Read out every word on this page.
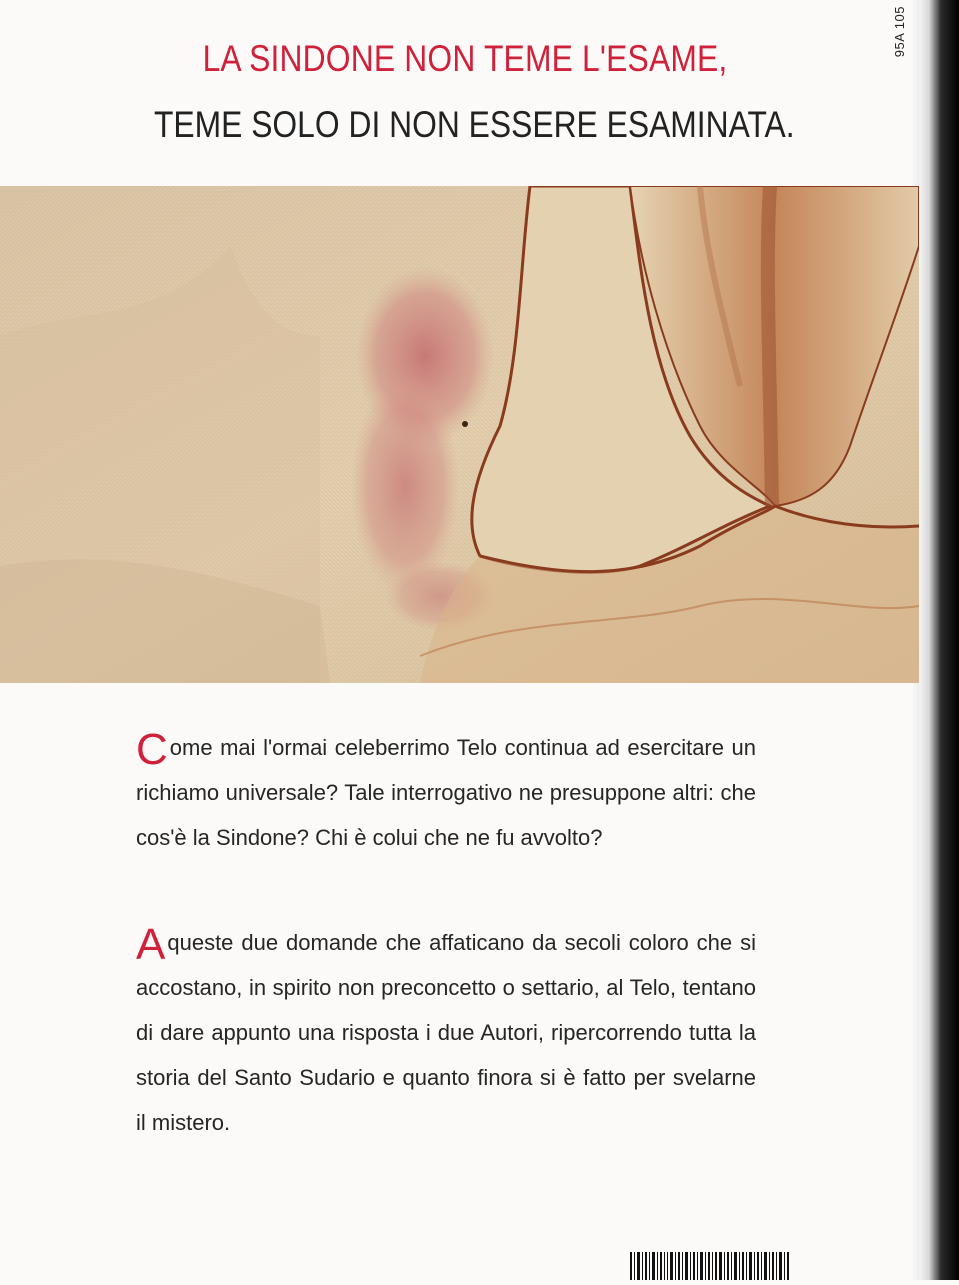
95A 105
LA SINDONE NON TEME L'ESAME,
TEME SOLO DI NON ESSERE ESAMINATA.
Come mai l'ormai celeberrimo Telo continua ad esercitare un richiamo universale? Tale interrogativo ne presuppone altri: che cos'è la Sindone? Chi è colui che ne fu avvolto?
A queste due domande che affaticano da secoli coloro che si accostano, in spirito non preconcetto o settario, al Telo, tentano di dare appunto una risposta i due Autori, ripercorrendo tutta la storia del Santo Sudario e quanto finora si è fatto per svelarne il mistero.
